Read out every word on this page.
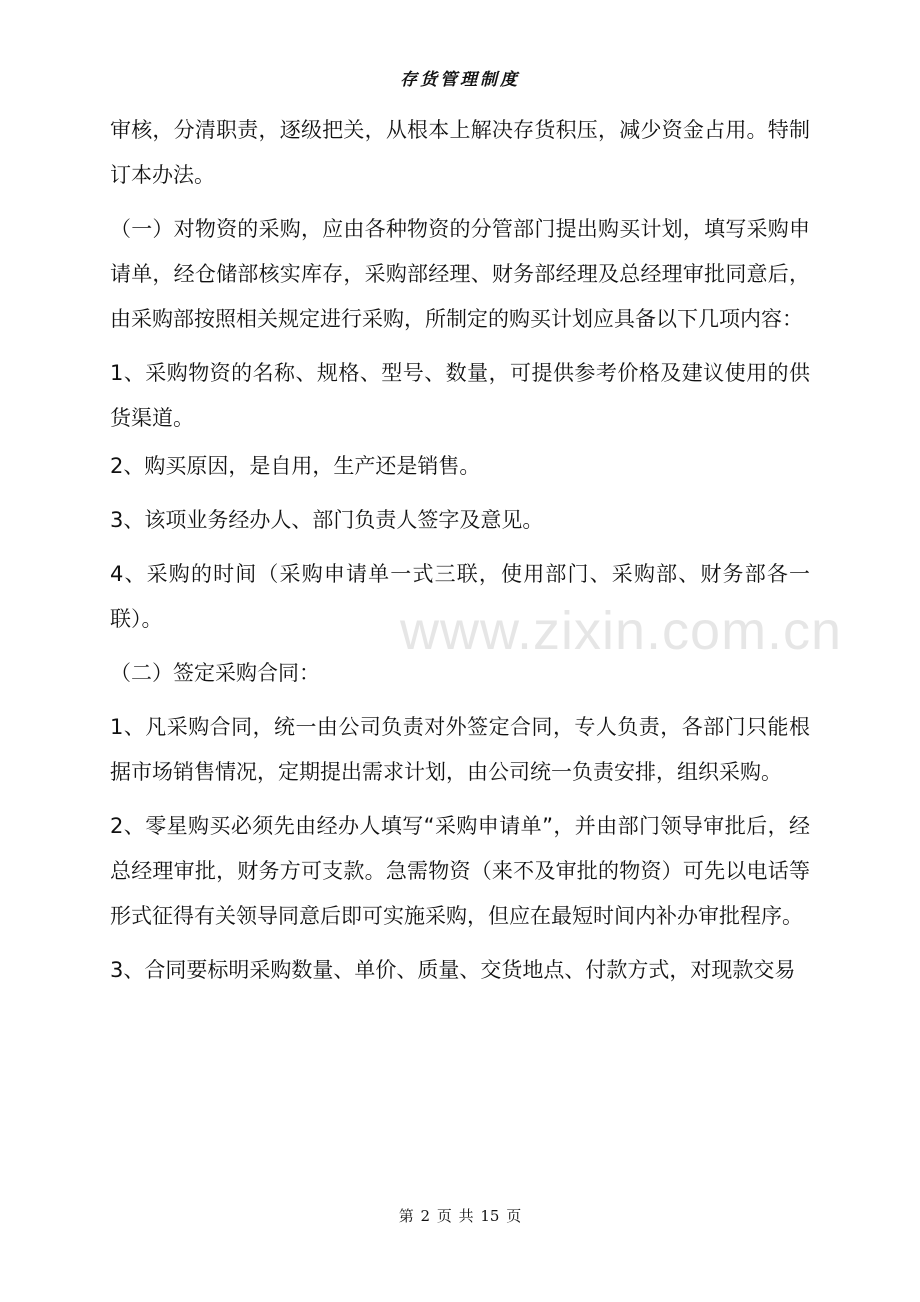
存货管理制度

审核，分清职责，逐级把关，从根本上解决存货积压，减少资金占用。特制订本办法。

（一）对物资的采购，应由各种物资的分管部门提出购买计划，填写采购申请单，经仓储部核实库存，采购部经理、财务部经理及总经理审批同意后，由采购部按照相关规定进行采购，所制定的购买计划应具备以下几项内容：

1、采购物资的名称、规格、型号、数量，可提供参考价格及建议使用的供货渠道。

2、购买原因，是自用，生产还是销售。

3、该项业务经办人、部门负责人签字及意见。

4、采购的时间（采购申请单一式三联，使用部门、采购部、财务部各一联）。

（二）签定采购合同：

1、凡采购合同，统一由公司负责对外签定合同，专人负责，各部门只能根据市场销售情况，定期提出需求计划，由公司统一负责安排，组织采购。

2、零星购买必须先由经办人填写“采购申请单”，并由部门领导审批后，经总经理审批，财务方可支款。急需物资（来不及审批的物资）可先以电话等形式征得有关领导同意后即可实施采购，但应在最短时间内补办审批程序。

3、合同要标明采购数量、单价、质量、交货地点、付款方式，对现款交易

www.zixin.com.cn
第 2 页 共 15 页
